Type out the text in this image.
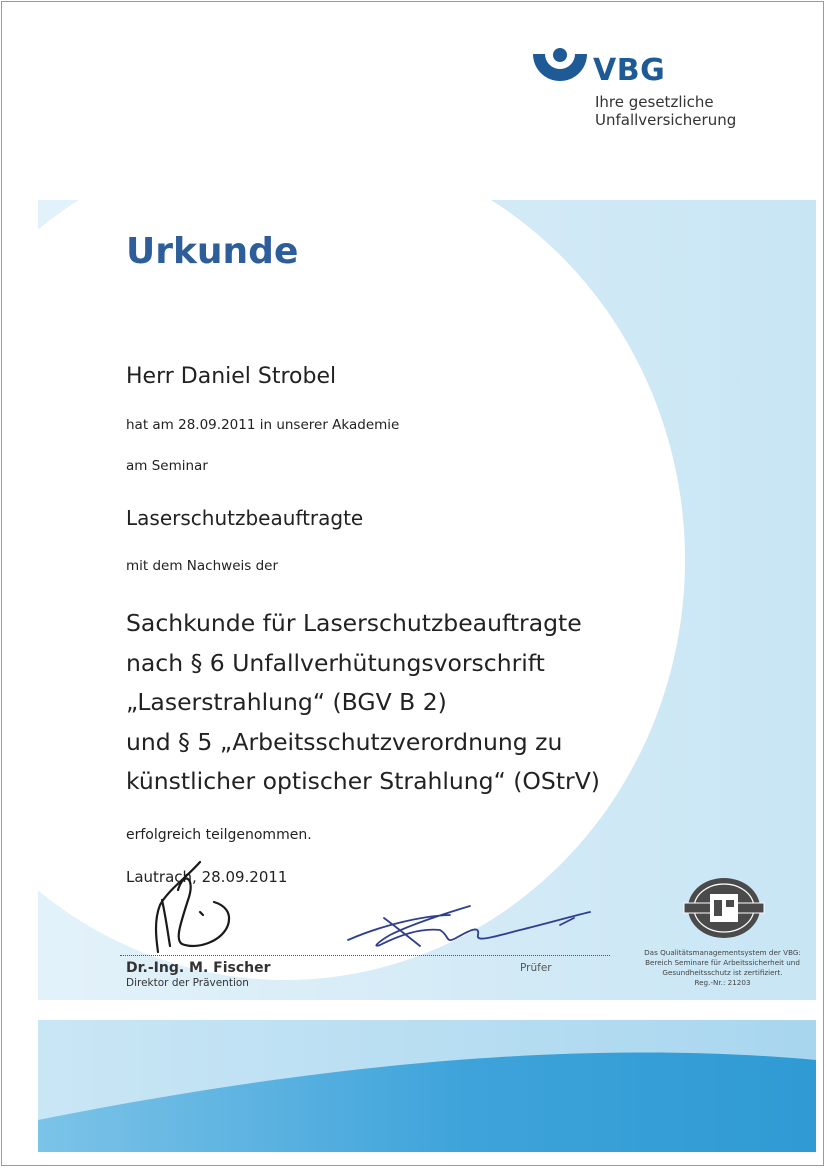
VBG
Ihre gesetzliche
Unfallversicherung
Urkunde
Herr Daniel Strobel
hat am 28.09.2011 in unserer Akademie
am Seminar
Laserschutzbeauftragte
mit dem Nachweis der
Sachkunde für Laserschutzbeauftragte
nach § 6 Unfallverhütungsvorschrift
„Laserstrahlung“ (BGV B 2)
und § 5 „Arbeitsschutzverordnung zu
künstlicher optischer Strahlung“ (OStrV)
erfolgreich teilgenommen.
Lautrach, 28.09.2011
Dr.-Ing. M. Fischer
Direktor der Prävention
Prüfer
Das Qualitätsmanagementsystem der VBG:
Bereich Seminare für Arbeitssicherheit und
Gesundheitsschutz ist zertifiziert.
Reg.-Nr.: 21203
